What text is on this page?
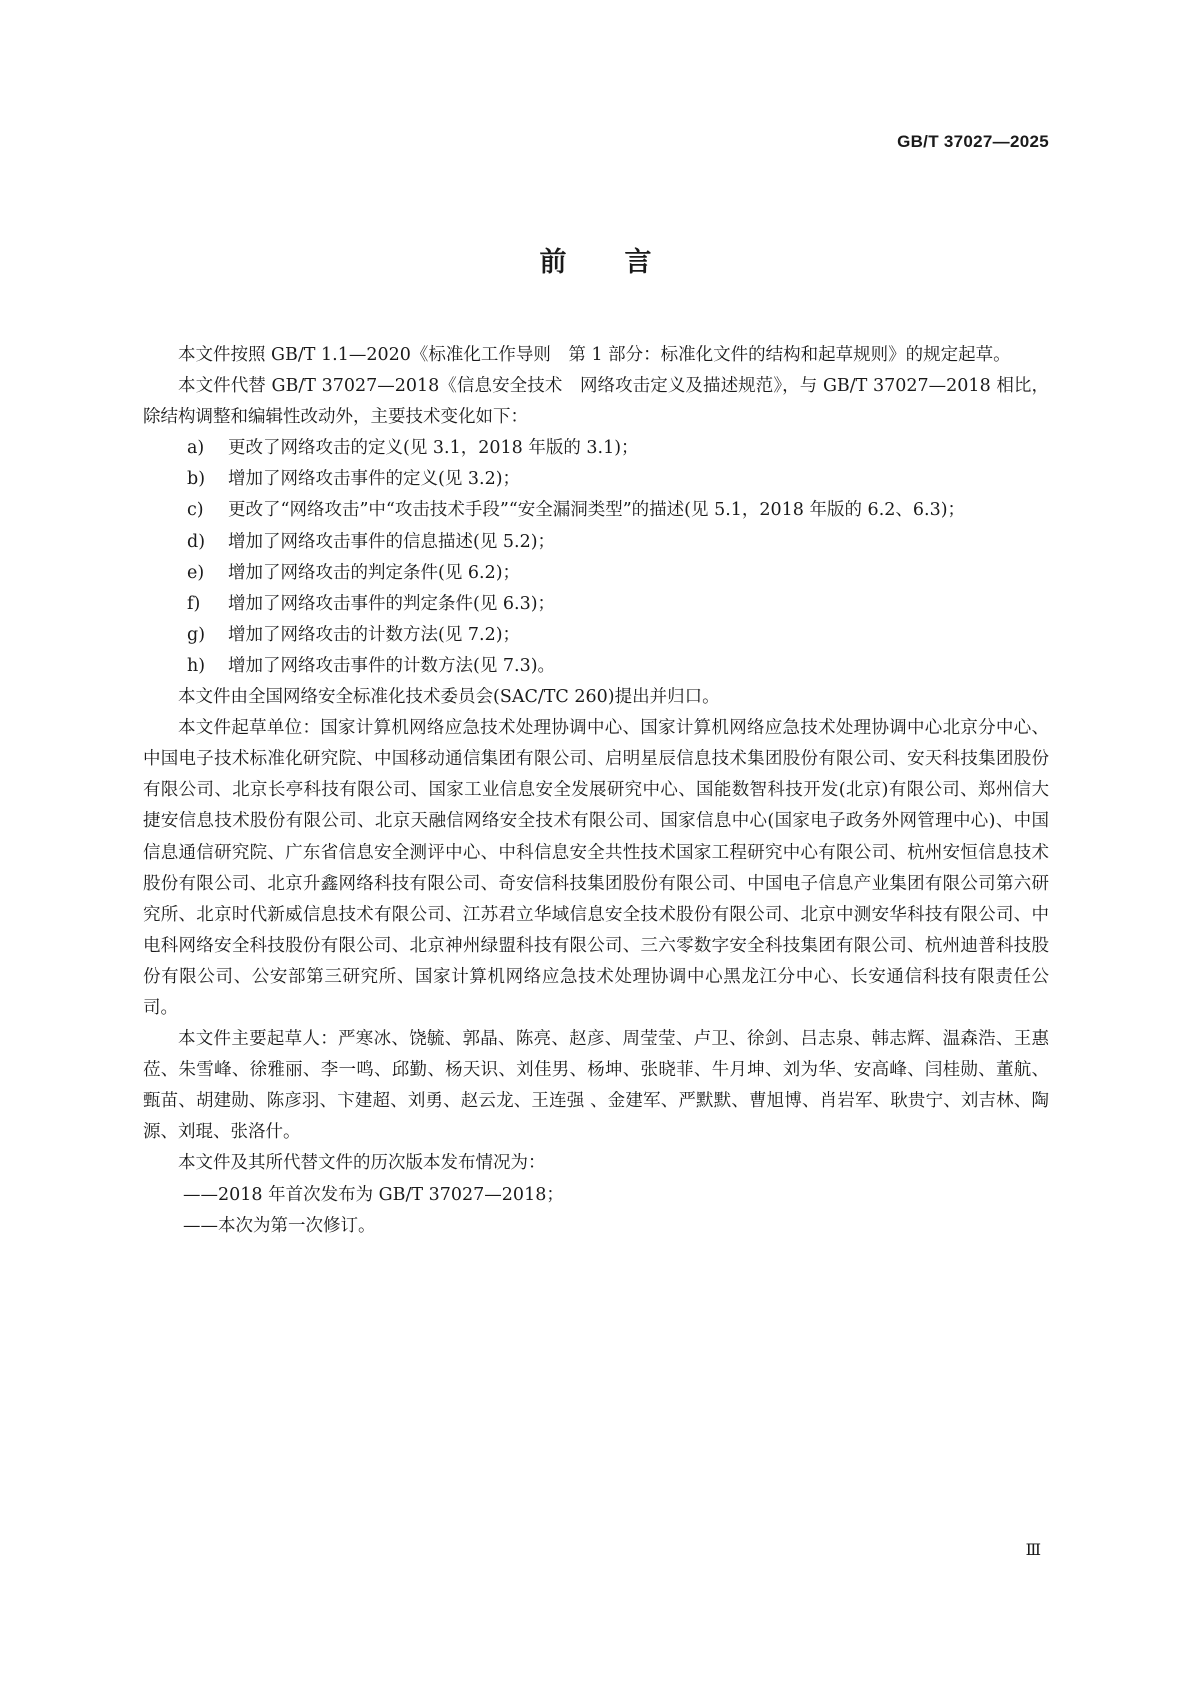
GB/T 37027—2025
前言

本文件按照 GB/T 1.1—2020《标准化工作导则　第 1 部分：标准化文件的结构和起草规则》的规定起草。

本文件代替 GB/T 37027—2018《信息安全技术　网络攻击定义及描述规范》，与 GB/T 37027—2018 相比，除结构调整和编辑性改动外，主要技术变化如下：

a) 更改了网络攻击的定义(见 3.1，2018 年版的 3.1)；

b) 增加了网络攻击事件的定义(见 3.2)；

c) 更改了“网络攻击”中“攻击技术手段”“安全漏洞类型”的描述(见 5.1，2018 年版的 6.2、6.3)；

d) 增加了网络攻击事件的信息描述(见 5.2)；

e) 增加了网络攻击的判定条件(见 6.2)；

f) 增加了网络攻击事件的判定条件(见 6.3)；

g) 增加了网络攻击的计数方法(见 7.2)；

h) 增加了网络攻击事件的计数方法(见 7.3)。

本文件由全国网络安全标准化技术委员会(SAC/TC 260)提出并归口。

本文件起草单位：国家计算机网络应急技术处理协调中心、国家计算机网络应急技术处理协调中心北京分中心、中国电子技术标准化研究院、中国移动通信集团有限公司、启明星辰信息技术集团股份有限公司、安天科技集团股份有限公司、北京长亭科技有限公司、国家工业信息安全发展研究中心、国能数智科技开发(北京)有限公司、郑州信大捷安信息技术股份有限公司、北京天融信网络安全技术有限公司、国家信息中心(国家电子政务外网管理中心)、中国信息通信研究院、广东省信息安全测评中心、中科信息安全共性技术国家工程研究中心有限公司、杭州安恒信息技术股份有限公司、北京升鑫网络科技有限公司、奇安信科技集团股份有限公司、中国电子信息产业集团有限公司第六研究所、北京时代新威信息技术有限公司、江苏君立华域信息安全技术股份有限公司、北京中测安华科技有限公司、中电科网络安全科技股份有限公司、北京神州绿盟科技有限公司、三六零数字安全科技集团有限公司、杭州迪普科技股份有限公司、公安部第三研究所、国家计算机网络应急技术处理协调中心黑龙江分中心、长安通信科技有限责任公司。

本文件主要起草人：严寒冰、饶毓、郭晶、陈亮、赵彦、周莹莹、卢卫、徐剑、吕志泉、韩志辉、温森浩、王惠莅、朱雪峰、徐雅丽、李一鸣、邱勤、杨天识、刘佳男、杨坤、张晓菲、牛月坤、刘为华、安高峰、闫桂勋、董航、甄苗、胡建勋、陈彦羽、卞建超、刘勇、赵云龙、王连强 、金建军、严默默、曹旭博、肖岩军、耿贵宁、刘吉林、陶源、刘琨、张洛什。

本文件及其所代替文件的历次版本发布情况为：

——2018 年首次发布为 GB/T 37027—2018；

——本次为第一次修订。

Ⅲ
